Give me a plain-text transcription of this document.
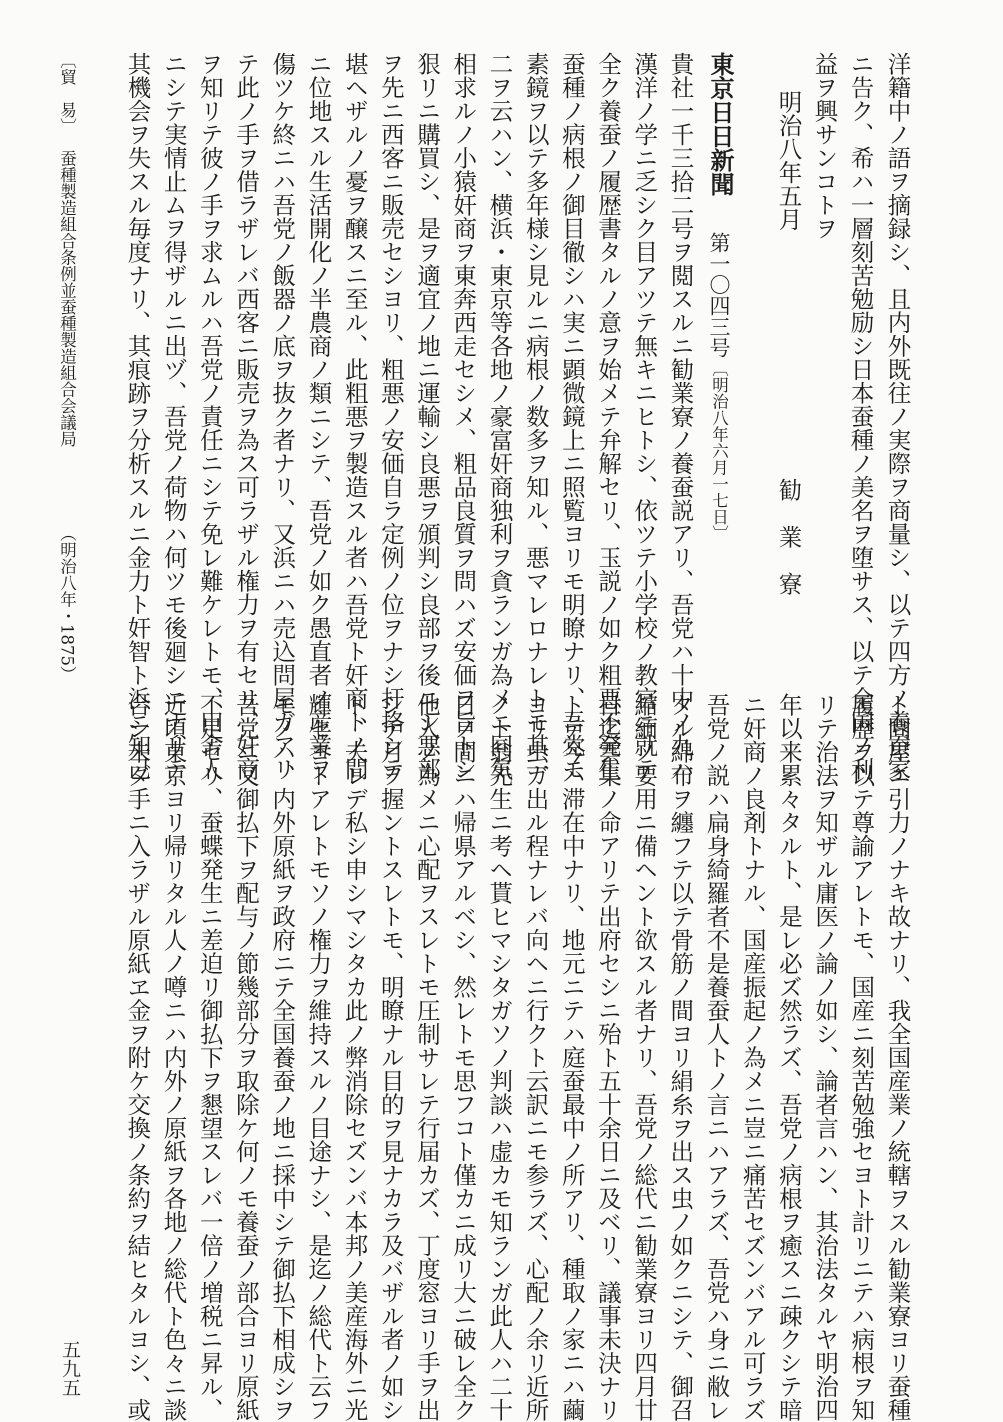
洋籍中ノ語ヲ摘録シ、且内外既往ノ実際ヲ商量シ、以テ四方ノ養蚕家
ニ告ク、希ハ一層刻苦勉励シ日本蚕種ノ美名ヲ堕サス、以テ全国ノ利
益ヲ興サンコトヲ
明治八年五月
勧　業　寮
東京日日新聞
第一〇四三号
〔明治八年六月一七日〕
貴社一千三拾二号ヲ閲スルニ勧業寮ノ養蚕説アリ、吾党ハ十中ノ九ハ
漢洋ノ学ニ乏シク目アツテ無キニヒトシ、依ツテ小学校ノ教官ニ就テ
全ク養蚕ノ履歴書タルノ意ヲ始メテ弁解セリ、玉説ノ如ク粗悪不発生
蚕種ノ病根ノ御目徹シハ実ニ顕微鏡上ニ照覧ヨリモ明瞭ナリ、吾党モ
素鏡ヲ以テ多年様シ見ルニ病根ノ数多ヲ知ル、悪マレロナレトモ其一
二ヲ云ハン、横浜・東京等各地ノ豪富奸商独利ヲ貪ランガ為メニ同気
相求ルノ小猿奸商ヲ東奔西走セシメ、粗品良質ヲ問ハズ安価ヲ旨トシ
狠リニ購買シ、是ヲ適宜ノ地ニ運輸シ良悪ヲ頒判シ良部ヲ後ニシ悪部
ヲ先ニ西客ニ販売セシヨリ、粗悪ノ安価自ラ定例ノ位ヲナシ扞挌シテ
堪ヘザルノ憂ヲ醸スニ至ル、此粗悪ヲ製造スル者ハ吾党ト奸商トノ間
ニ位地スル生活開化ノ半農商ノ類ニシテ、吾党ノ如ク愚直者ノ産業ヲ
傷ツケ終ニハ吾党ノ飯器ノ底ヲ抜ク者ナリ、又浜ニハ売込問屋ガアリ
テ此ノ手ヲ借ラザレバ西客ニ販売ヲ為ス可ラザル権力ヲ有セリ、奸商
ヲ知リテ彼ノ手ヲ求ムルハ吾党ノ責任ニシテ免レ難ケレトモ、田舎人
ニシテ実情止ムヲ得ザルニ出ヅ、吾党ノ荷物ハ何ツモ後廻シニナリテ
其機会ヲ失スル毎度ナリ、其痕跡ヲ分析スルニ金力ト奸智ト浜ニ知己
〔貿　易〕
蚕種製造組合条例並蚕種製造組合会議局
（明治八年・1875）
ト問屋ニ引力ノナキ故ナリ、我全国産業ノ統轄ヲスル勧業寮ヨリ蚕種
履歴ヲ以テ尊諭アレトモ、国産ニ刻苦勉強セヨト計リニテハ病根ヲ知
リテ治法ヲ知ザル庸医ノ論ノ如シ、論者言ハン、其治法タルヤ明治四
年以来累々タルト、是レ必ズ然ラズ、吾党ノ病根ヲ癒スニ疎クシテ暗
ニ奸商ノ良剤トナル、国産振起ノ為メニ豈ニ痛苦セズンバアル可ラズ
吾党ノ説ハ扁身綺羅者不是養蚕人トノ言ニハアラズ、吾党ハ身ニ敝レ
タル綿布ヲ纏フテ以テ骨筋ノ間ヨリ絹糸ヲ出ス虫ノ如クニシテ、御召
縮緬ノ要用ニ備ヘント欲スル者ナリ、吾党ノ総代ニ勧業寮ヨリ四月廿
日迄雲集ノ命アリテ出府セシニ殆ト五十余日ニ及ベリ、議事未決ナリ
トテ今ハ滞在中ナリ、地元ニテハ庭蚕最中ノ所アリ、種取ノ家ニハ繭
ヨリ虫ガ出ル程ナレバ向ヘニ行クト云訳ニモ参ラズ、心配ノ余リ近所
ノト翁先生ニ考ヘ貰ヒマシタガソノ判談ハ虚カモ知ランガ此人ハ二十
日ノ間ニハ帰県アルベシ、然レトモ思フコト僅カニ成リ大ニ破レ全ク
他人ノ為メニ心配ヲスレトモ圧制サレテ行届カズ、丁度窓ヨリ手ヲ出
シテ月ヲ握ントスレトモ、明瞭ナル目的ヲ見ナカラ及バザル者ノ如シ
ト、夫レデ私シ申シマシタカ此ノ弊消除セズンバ本邦ノ美産海外ニ光
輝セヨトアレトモソノ権力ヲ維持スルノ目途ナシ、是迄ノ総代ト云フ
モノハ、内外原紙ヲ政府ニテ全国養蚕ノ地ニ採中シテ御払下相成シヲ
吾党ニ又御払下ヲ配与ノ節幾部分ヲ取除ケ何ノモ養蚕ノ部合ヨリ原紙
不足セリ、蚕蝶発生ニ差迫リ御払下ヲ懇望スレバ一倍ノ増税ニ昇ル、
近頃東京ヨリ帰リタル人ノ噂ニハ内外ノ原紙ヲ各地ノ総代ト色々ニ談
合シ未ダ手ニ入ラザル原紙ヱ金ヲ附ケ交換ノ条約ヲ結ヒタルヨシ、或
五九五
